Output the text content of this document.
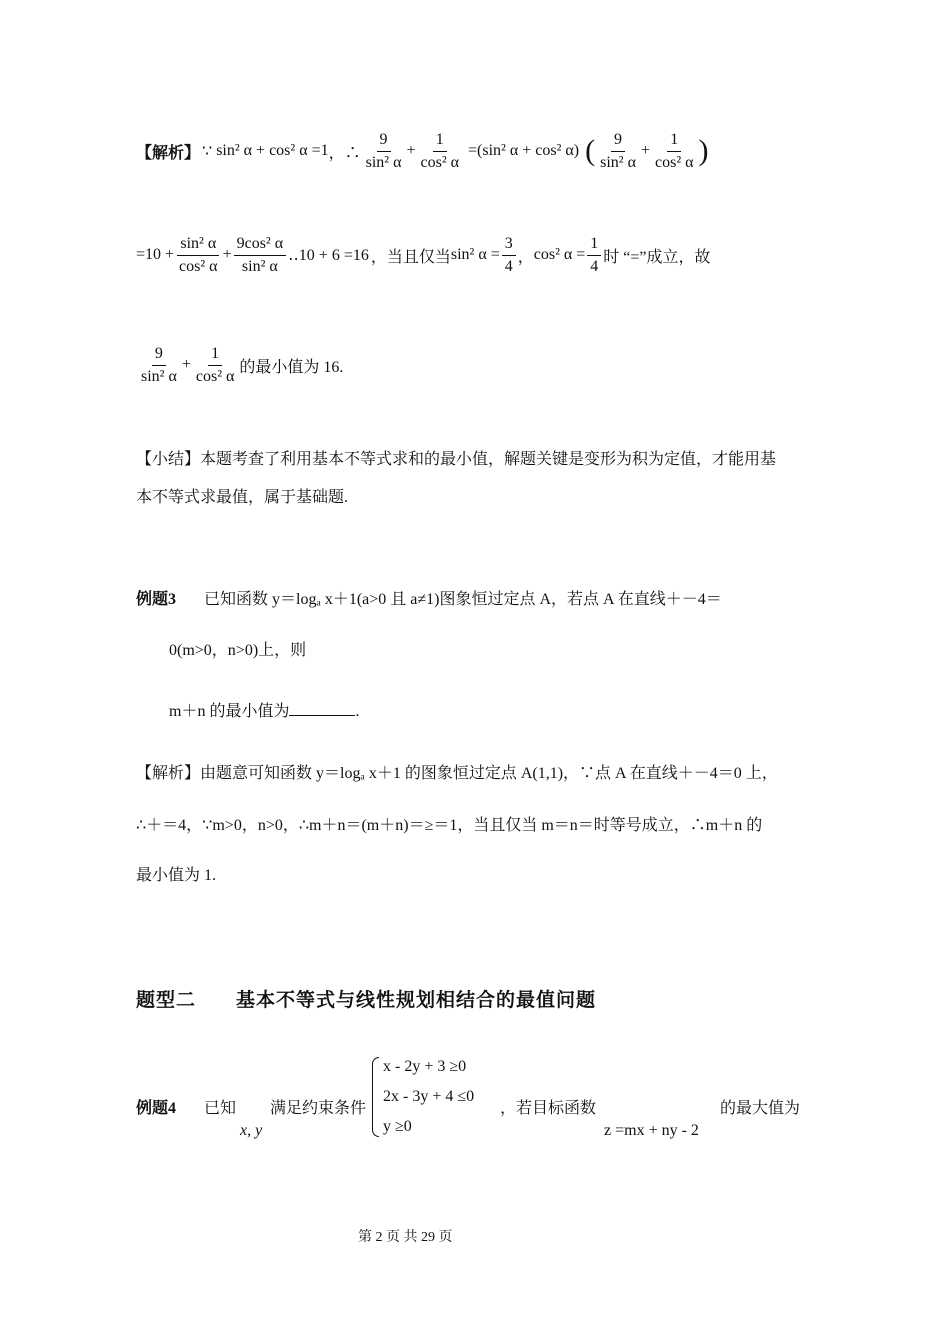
【解析】 ∵ sin² α + cos² α =1 ，∴ $\frac{9}{\text{sin² α}} + \frac{1}{\text{cos² α}} =(\sin^2$ α + cos² α) ( $\frac{9}{\text{sin² α}} + \frac{1}{\text{cos² α}}$ )
$=10 + \frac{\text{sin² α}}{\text{cos² α}} + \frac{\text{9cos² α}}{\text{sin² α}}$ ‥10 + 6 =16 ，当且仅当 sin² $\alpha = \frac{3}{4}$ ， cos² $\alpha = \frac{1}{4}$ 时 “=”成立，故
$\frac{9}{\text{sin² α}} + \frac{1}{\text{cos² α}}$ 的最小值为 16.
【小结】本题考查了利用基本不等式求和的最小值，解题关键是变形为积为定值，才能用基
本不等式求最值，属于基础题.
例题3 已知函数 y＝logₐ x＋1(a>0 且 a≠1)图象恒过定点 A，若点 A 在直线＋－4＝
0(m>0，n>0)上，则
m＋n 的最小值为	.
【解析】由题意可知函数 y＝logₐ x＋1 的图象恒过定点 A(1,1)，∵点 A 在直线＋－4＝0 上，
∴＋＝4，∵m>0，n>0，∴m＋n＝(m＋n)＝≥＝1，当且仅当 m＝n＝时等号成立，∴m＋n 的
最小值为 1.
题型二　　基本不等式与线性规划相结合的最值问题
例题4 已知
x, y
满足约束条件
x - 2y + 3 ≥0
2x - 3y + 4 ≤0
y ≥0
，若目标函数
z =mx + ny - 2
的最大值为
第 2 页 共 29 页
